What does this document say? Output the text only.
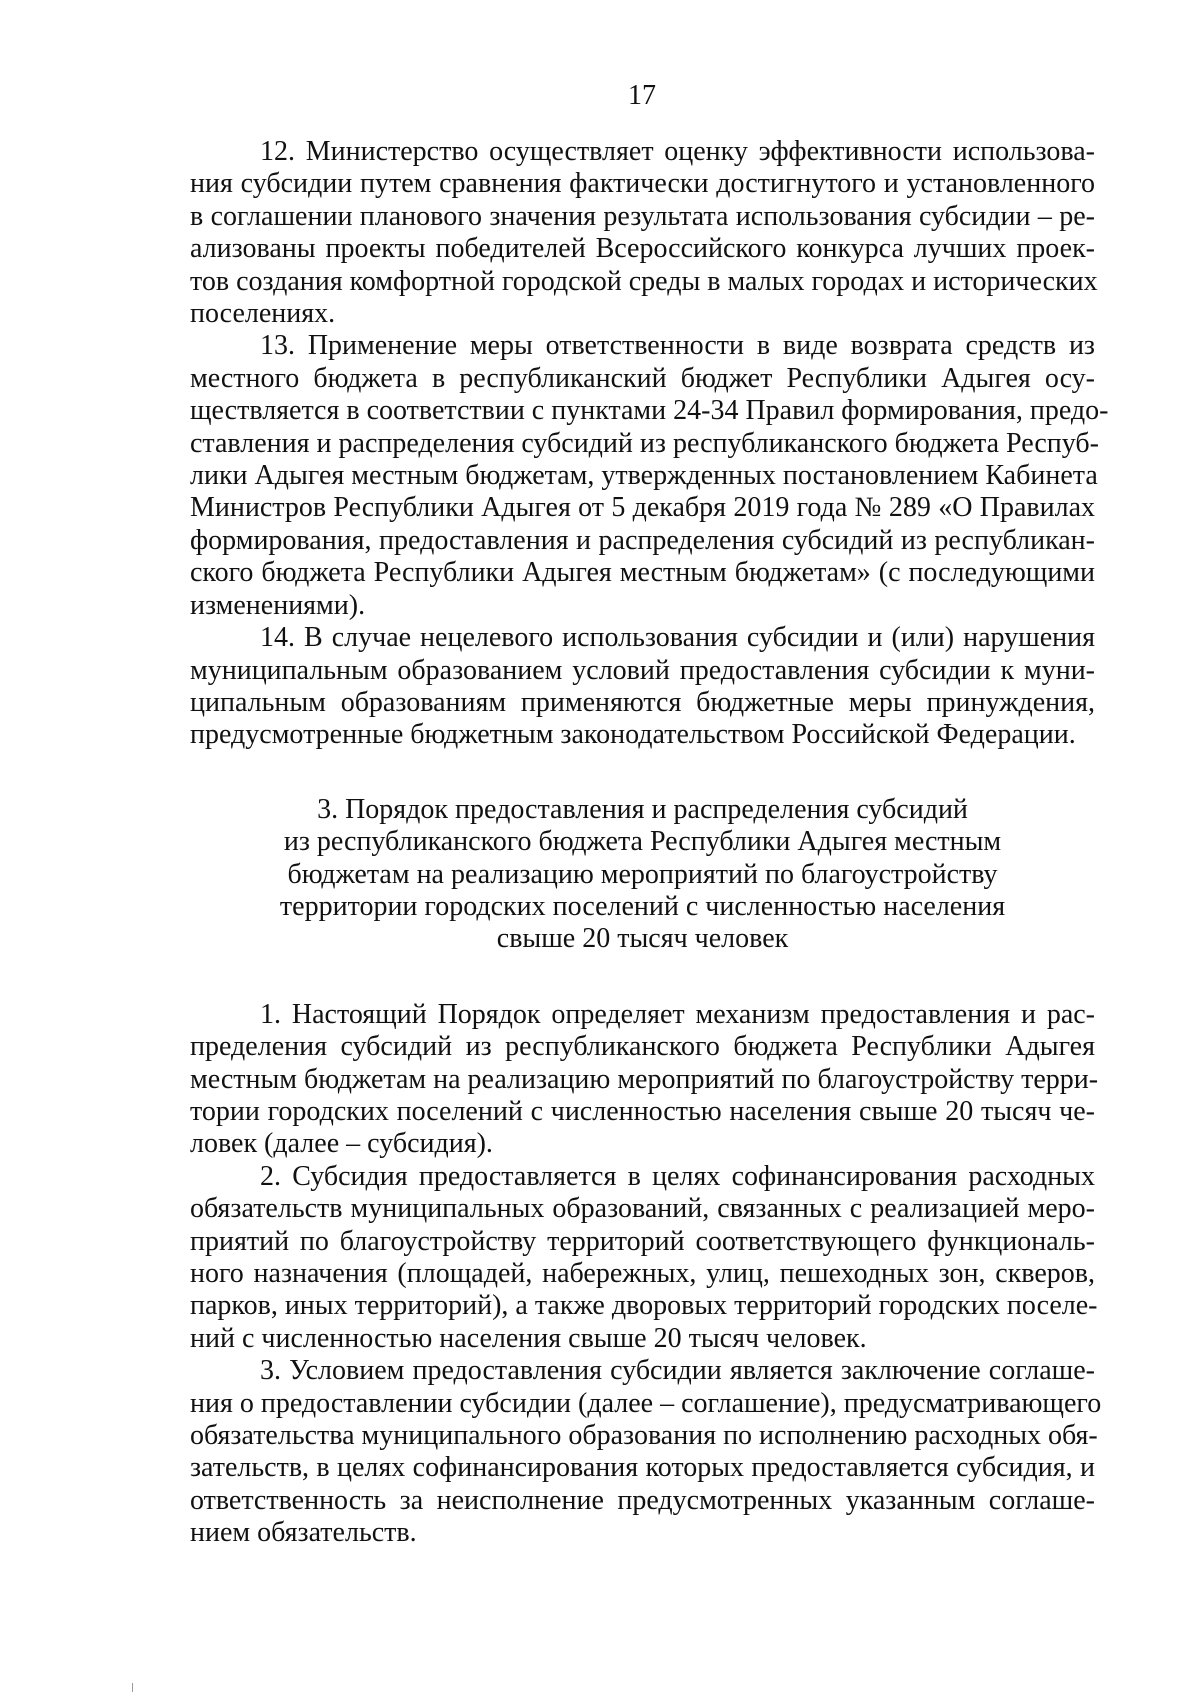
17

12. Министерство осуществляет оценку эффективности использова-
ния субсидии путем сравнения фактически достигнутого и установленного
в соглашении планового значения результата использования субсидии – ре-
ализованы проекты победителей Всероссийского конкурса лучших проек-
тов создания комфортной городской среды в малых городах и исторических
поселениях.

13. Применение меры ответственности в виде возврата средств из
местного бюджета в республиканский бюджет Республики Адыгея осу-
ществляется в соответствии с пунктами 24-34 Правил формирования, предо-
ставления и распределения субсидий из республиканского бюджета Респуб-
лики Адыгея местным бюджетам, утвержденных постановлением Кабинета
Министров Республики Адыгея от 5 декабря 2019 года № 289 «О Правилах
формирования, предоставления и распределения субсидий из республикан-
ского бюджета Республики Адыгея местным бюджетам» (с последующими
изменениями).

14. В случае нецелевого использования субсидии и (или) нарушения
муниципальным образованием условий предоставления субсидии к муни-
ципальным образованиям применяются бюджетные меры принуждения,
предусмотренные бюджетным законодательством Российской Федерации.

3. Порядок предоставления и распределения субсидий
из республиканского бюджета Республики Адыгея местным
бюджетам на реализацию мероприятий по благоустройству
территории городских поселений с численностью населения
свыше 20 тысяч человек

1. Настоящий Порядок определяет механизм предоставления и рас-
пределения субсидий из республиканского бюджета Республики Адыгея
местным бюджетам на реализацию мероприятий по благоустройству терри-
тории городских поселений с численностью населения свыше 20 тысяч че-
ловек (далее – субсидия).

2. Субсидия предоставляется в целях софинансирования расходных
обязательств муниципальных образований, связанных с реализацией меро-
приятий по благоустройству территорий соответствующего функциональ-
ного назначения (площадей, набережных, улиц, пешеходных зон, скверов,
парков, иных территорий), а также дворовых территорий городских поселе-
ний с численностью населения свыше 20 тысяч человек.

3. Условием предоставления субсидии является заключение соглаше-
ния о предоставлении субсидии (далее – соглашение), предусматривающего
обязательства муниципального образования по исполнению расходных обя-
зательств, в целях софинансирования которых предоставляется субсидия, и
ответственность за неисполнение предусмотренных указанным соглаше-
нием обязательств.
